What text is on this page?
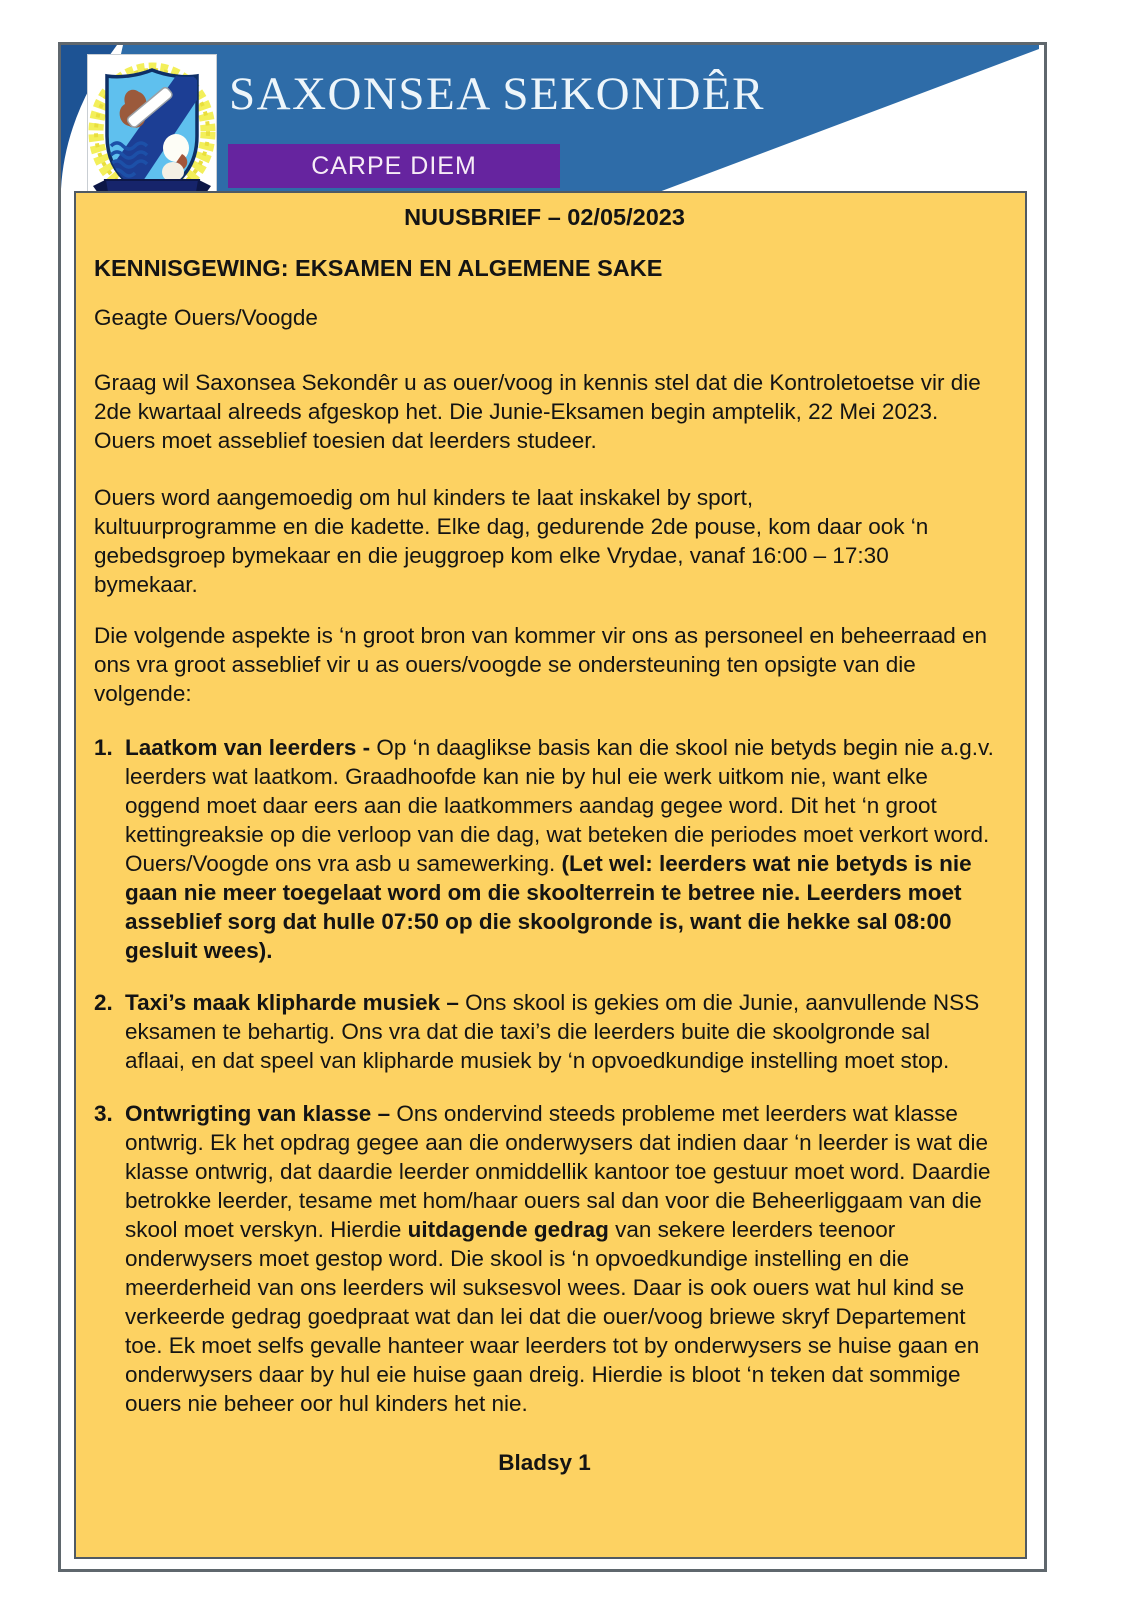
SAXONSEA SEKONDÊR
CARPE DIEM
NUUSBRIEF – 02/05/2023
KENNISGEWING: EKSAMEN EN ALGEMENE SAKE

Geagte Ouers/Voogde

Graag wil Saxonsea Sekondêr u as ouer/voog in kennis stel dat die Kontroletoetse vir die 2de kwartaal alreeds afgeskop het. Die Junie-Eksamen begin amptelik, 22 Mei 2023. Ouers moet asseblief toesien dat leerders studeer.

Ouers word aangemoedig om hul kinders te laat inskakel by sport,
kultuurprogramme en die kadette. Elke dag, gedurende 2de pouse, kom daar ook ‘n gebedsgroep bymekaar en die jeuggroep kom elke Vrydae, vanaf 16:00 – 17:30 bymekaar.

Die volgende aspekte is ‘n groot bron van kommer vir ons as personeel en beheerraad en ons vra groot asseblief vir u as ouers/voogde se ondersteuning ten opsigte van die volgende:

1. Laatkom van leerders - Op ‘n daaglikse basis kan die skool nie betyds begin nie a.g.v. leerders wat laatkom. Graadhoofde kan nie by hul eie werk uitkom nie, want elke oggend moet daar eers aan die laatkommers aandag gegee word. Dit het ‘n groot kettingreaksie op die verloop van die dag, wat beteken die periodes moet verkort word. Ouers/Voogde ons vra asb u samewerking. (Let wel: leerders wat nie betyds is nie gaan nie meer toegelaat word om die skoolterrein te betree nie. Leerders moet asseblief sorg dat hulle 07:50 op die skoolgronde is, want die hekke sal 08:00 gesluit wees).
2. Taxi’s maak klipharde musiek – Ons skool is gekies om die Junie, aanvullende NSS eksamen te behartig. Ons vra dat die taxi’s die leerders buite die skoolgronde sal aflaai, en dat speel van klipharde musiek by ‘n opvoedkundige instelling moet stop.
3. Ontwrigting van klasse – Ons ondervind steeds probleme met leerders wat klasse ontwrig. Ek het opdrag gegee aan die onderwysers dat indien daar ‘n leerder is wat die klasse ontwrig, dat daardie leerder onmiddellik kantoor toe gestuur moet word. Daardie betrokke leerder, tesame met hom/haar ouers sal dan voor die Beheerliggaam van die skool moet verskyn. Hierdie uitdagende gedrag van sekere leerders teenoor onderwysers moet gestop word. Die skool is ‘n opvoedkundige instelling en die meerderheid van ons leerders wil suksesvol wees. Daar is ook ouers wat hul kind se verkeerde gedrag goedpraat wat dan lei dat die ouer/voog briewe skryf Departement toe. Ek moet selfs gevalle hanteer waar leerders tot by onderwysers se huise gaan en onderwysers daar by hul eie huise gaan dreig. Hierdie is bloot ‘n teken dat sommige ouers nie beheer oor hul kinders het nie.
Bladsy 1
